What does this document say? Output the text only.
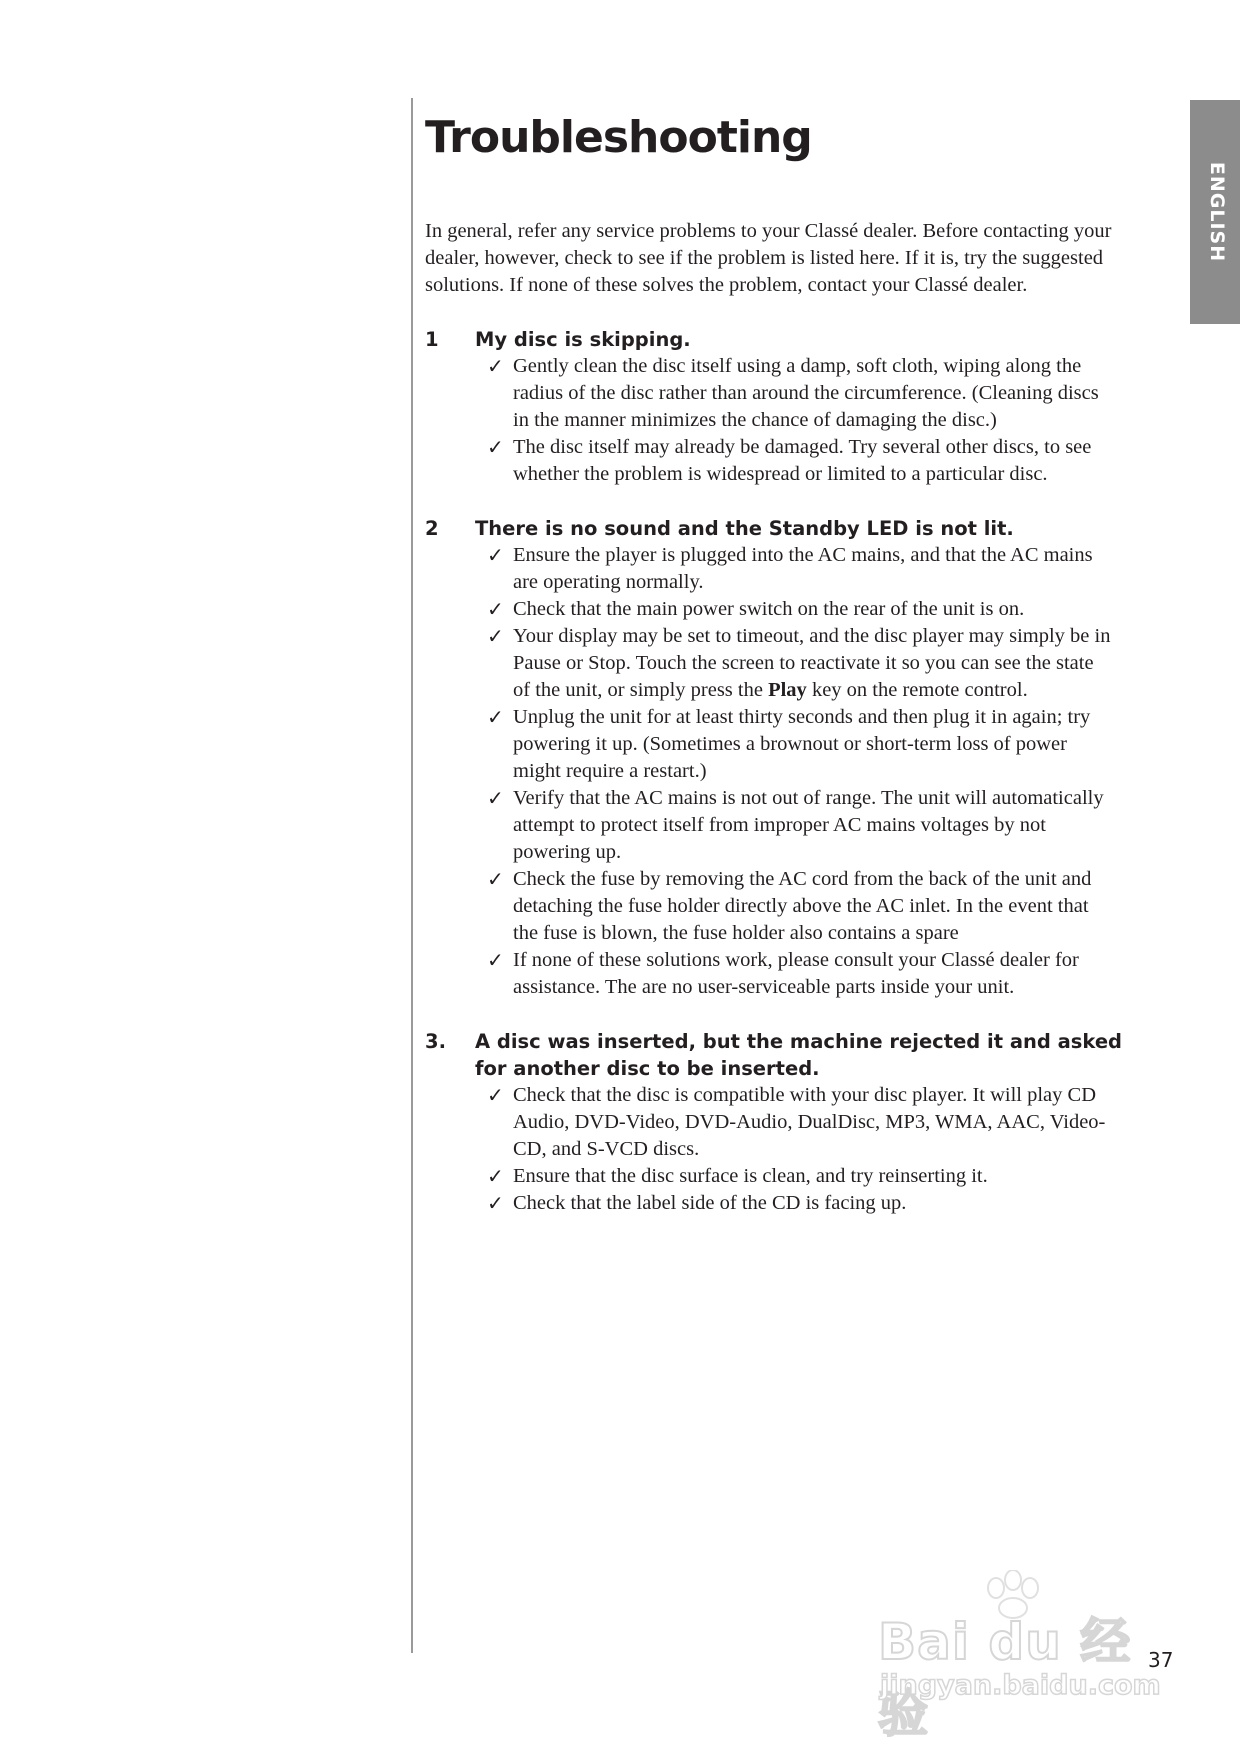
ENGLISH
Troubleshooting

In general, refer any service problems to your Classé dealer. Before contacting your dealer, however, check to see if the problem is listed here. If it is, try the suggested solutions. If none of these solves the problem, contact your Classé dealer.

1	My disc is skipping.
✓ Gently clean the disc itself using a damp, soft cloth, wiping along the radius of the disc rather than around the circumference. (Cleaning discs in the manner minimizes the chance of damaging the disc.)
✓ The disc itself may already be damaged. Try several other discs, to see whether the problem is widespread or limited to a particular disc.
2	There is no sound and the Standby LED is not lit.
✓ Ensure the player is plugged into the AC mains, and that the AC mains are operating normally.
✓ Check that the main power switch on the rear of the unit is on.
✓ Your display may be set to timeout, and the disc player may simply be in Pause or Stop. Touch the screen to reactivate it so you can see the state of the unit, or simply press the Play key on the remote control.
✓ Unplug the unit for at least thirty seconds and then plug it in again; try powering it up. (Sometimes a brownout or short-term loss of power might require a restart.)
✓ Verify that the AC mains is not out of range. The unit will automatically attempt to protect itself from improper AC mains voltages by not powering up.
✓ Check the fuse by removing the AC cord from the back of the unit and detaching the fuse holder directly above the AC inlet. In the event that the fuse is blown, the fuse holder also contains a spare
✓ If none of these solutions work, please consult your Classé dealer for assistance. The are no user-serviceable parts inside your unit.
3.	A disc was inserted, but the machine rejected it and asked for another disc to be inserted.
✓ Check that the disc is compatible with your disc player. It will play CD Audio, DVD-Video, DVD-Audio, DualDisc, MP3, WMA, AAC, Video-CD, and S-VCD discs.
✓ Ensure that the disc surface is clean, and try reinserting it.
✓ Check that the label side of the CD is facing up.
Bai du 经验
jingyan.baidu.com
37
